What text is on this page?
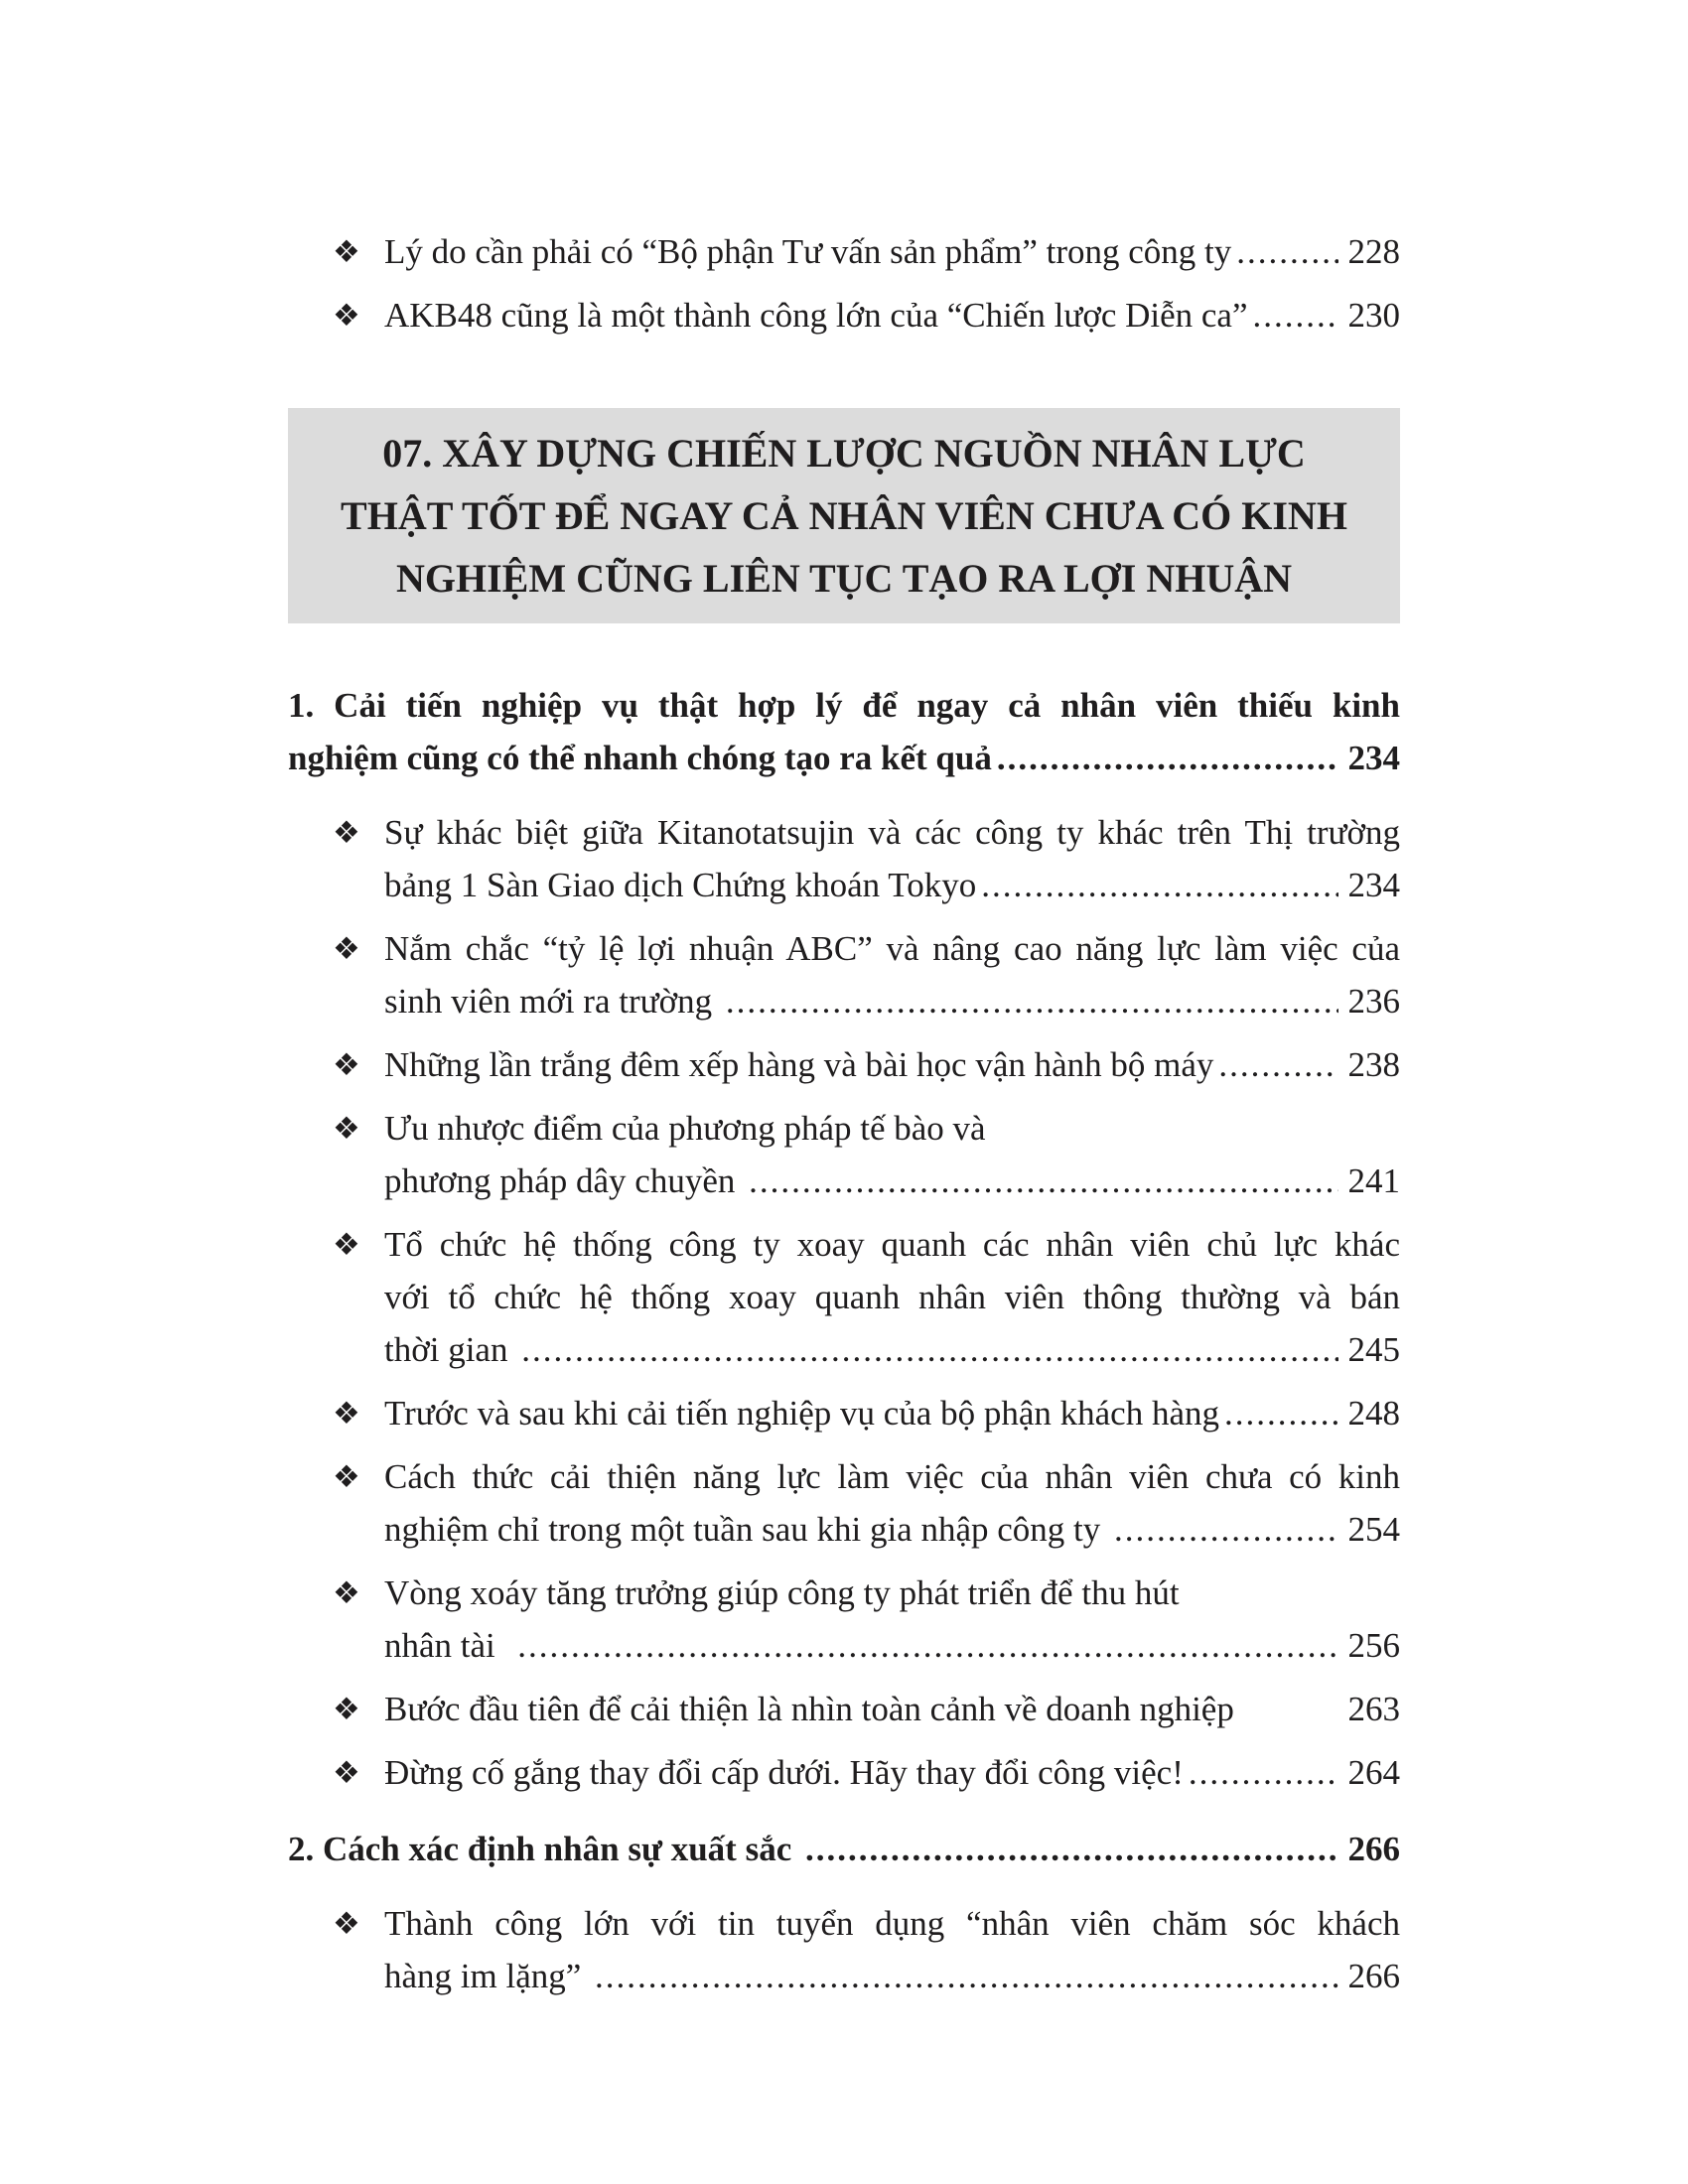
❖ Lý do cần phải có “Bộ phận Tư vấn sản phẩm” trong công ty .....	228
❖ AKB48 cũng là một thành công lớn của “Chiến lược Diễn ca” .....	230
07. XÂY DỰNG CHIẾN LƯỢC NGUỒN NHÂN LỰC
THẬT TỐT ĐỂ NGAY CẢ NHÂN VIÊN CHƯA CÓ KINH
NGHIỆM CŨNG LIÊN TỤC TẠO RA LỢI NHUẬN
1. Cải tiến nghiệp vụ thật hợp lý để ngay cả nhân viên thiếu kinh
nghiệm cũng có thể nhanh chóng tạo ra kết quả .....	234
❖ Sự khác biệt giữa Kitanotatsujin và các công ty khác trên Thị trường
bảng 1 Sàn Giao dịch Chứng khoán Tokyo .....	234
❖ Nắm chắc “tỷ lệ lợi nhuận ABC” và nâng cao năng lực làm việc của
sinh viên mới ra trường .....	236
❖ Những lần trắng đêm xếp hàng và bài học vận hành bộ máy .....	238
❖ Ưu nhược điểm của phương pháp tế bào và
phương pháp dây chuyền .....	241
❖ Tổ chức hệ thống công ty xoay quanh các nhân viên chủ lực khác
với tổ chức hệ thống xoay quanh nhân viên thông thường và bán
thời gian .....	245
❖ Trước và sau khi cải tiến nghiệp vụ của bộ phận khách hàng .....	248
❖ Cách thức cải thiện năng lực làm việc của nhân viên chưa có kinh
nghiệm chỉ trong một tuần sau khi gia nhập công ty .....	254
❖ Vòng xoáy tăng trưởng giúp công ty phát triển để thu hút
nhân tài .....	256
❖ Bước đầu tiên để cải thiện là nhìn toàn cảnh về doanh nghiệp	263
❖ Đừng cố gắng thay đổi cấp dưới. Hãy thay đổi công việc! .....	264
2. Cách xác định nhân sự xuất sắc .....	266
❖ Thành công lớn với tin tuyển dụng “nhân viên chăm sóc khách
hàng im lặng” .....	266
